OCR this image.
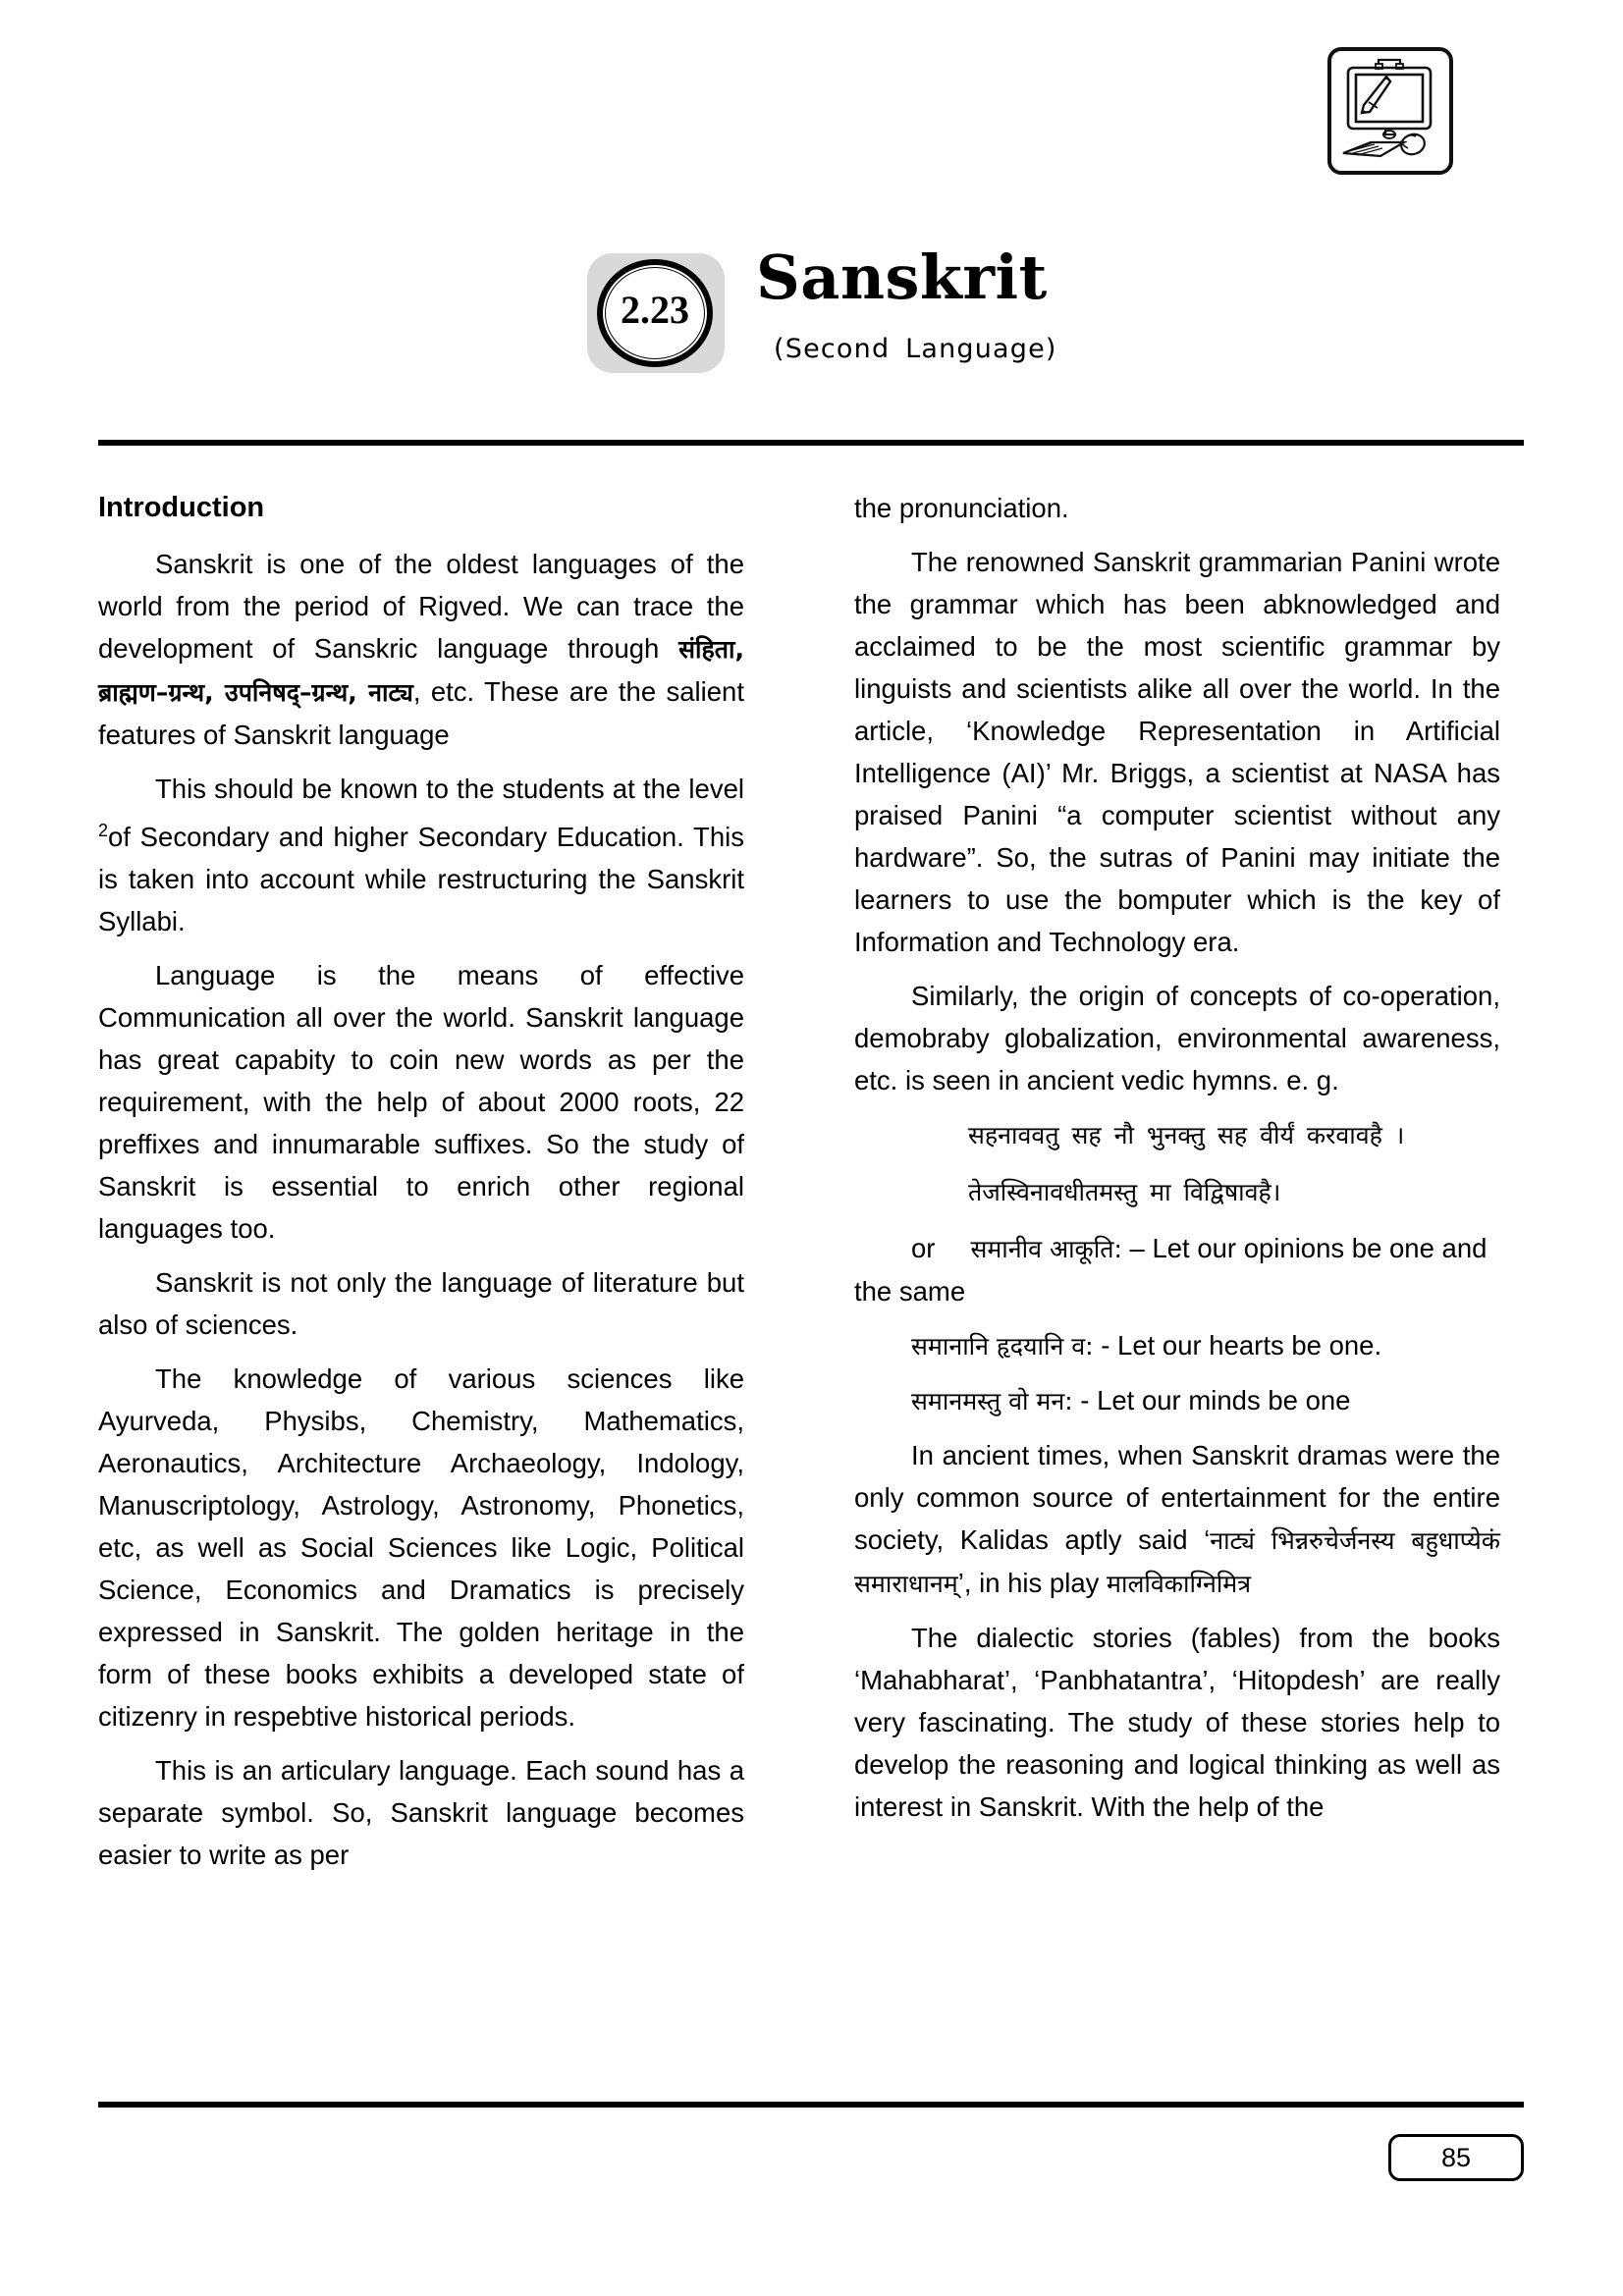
2.23	Sanskrit
(Second Language)
Introduction

Sanskrit is one of the oldest languages of the world from the period of Rigved. We can trace the development of Sanskric language through संहिता, ब्राह्मण–ग्रन्थ, उपनिषद्–ग्रन्थ, नाट्य, etc. These are the salient features of Sanskrit language

This should be known to the students at the level $^2$of Secondary and higher Secondary Education. This is taken into account while restructuring the Sanskrit Syllabi.

Language is the means of effective Communication all over the world. Sanskrit language has great capabity to coin new words as per the requirement, with the help of about 2000 roots, 22 preffixes and innumarable suffixes. So the study of Sanskrit is essential to enrich other regional languages too.

Sanskrit is not only the language of literature but also of sciences.

The knowledge of various sciences like Ayurveda, Physibs, Chemistry, Mathematics, Aeronautics, Architecture Archaeology, Indology, Manuscriptology, Astrology, Astronomy, Phonetics, etc, as well as Social Sciences like Logic, Political Science, Economics and Dramatics is precisely expressed in Sanskrit. The golden heritage in the form of these books exhibits a developed state of citizenry in respebtive historical periods.

This is an articulary language. Each sound has a separate symbol. So, Sanskrit language becomes easier to write as per

the pronunciation.

The renowned Sanskrit grammarian Panini wrote the grammar which has been abknowledged and acclaimed to be the most scientific grammar by linguists and scientists alike all over the world. In the article, ‘Knowledge Representation in Artificial Intelligence (AI)’ Mr. Briggs, a scientist at NASA has praised Panini “a computer scientist without any hardware”. So, the sutras of Panini may initiate the learners to use the bomputer which is the key of Information and Technology era.

Similarly, the origin of concepts of co-operation, demobraby globalization, environmental awareness, etc. is seen in ancient vedic hymns. e. g.

सहनाववतु सह नौ भुनक्तु सह वीर्यं करवावहै ।

तेजस्विनावधीतमस्तु मा विद्विषावहै।

or समानीव आकूति: – Let our opinions be one and the same

समानानि हृदयानि व: - Let our hearts be one.

समानमस्तु वो मन: - Let our minds be one

In ancient times, when Sanskrit dramas were the only common source of entertainment for the entire society, Kalidas aptly said ‘नाट्यं भिन्नरुचेर्जनस्य बहुधाप्येकं समाराधानम्’, in his play मालविकाग्निमित्र

The dialectic stories (fables) from the books ‘Mahabharat’, ‘Panbhatantra’, ‘Hitopdesh’ are really very fascinating. The study of these stories help to develop the reasoning and logical thinking as well as interest in Sanskrit. With the help of the

85
